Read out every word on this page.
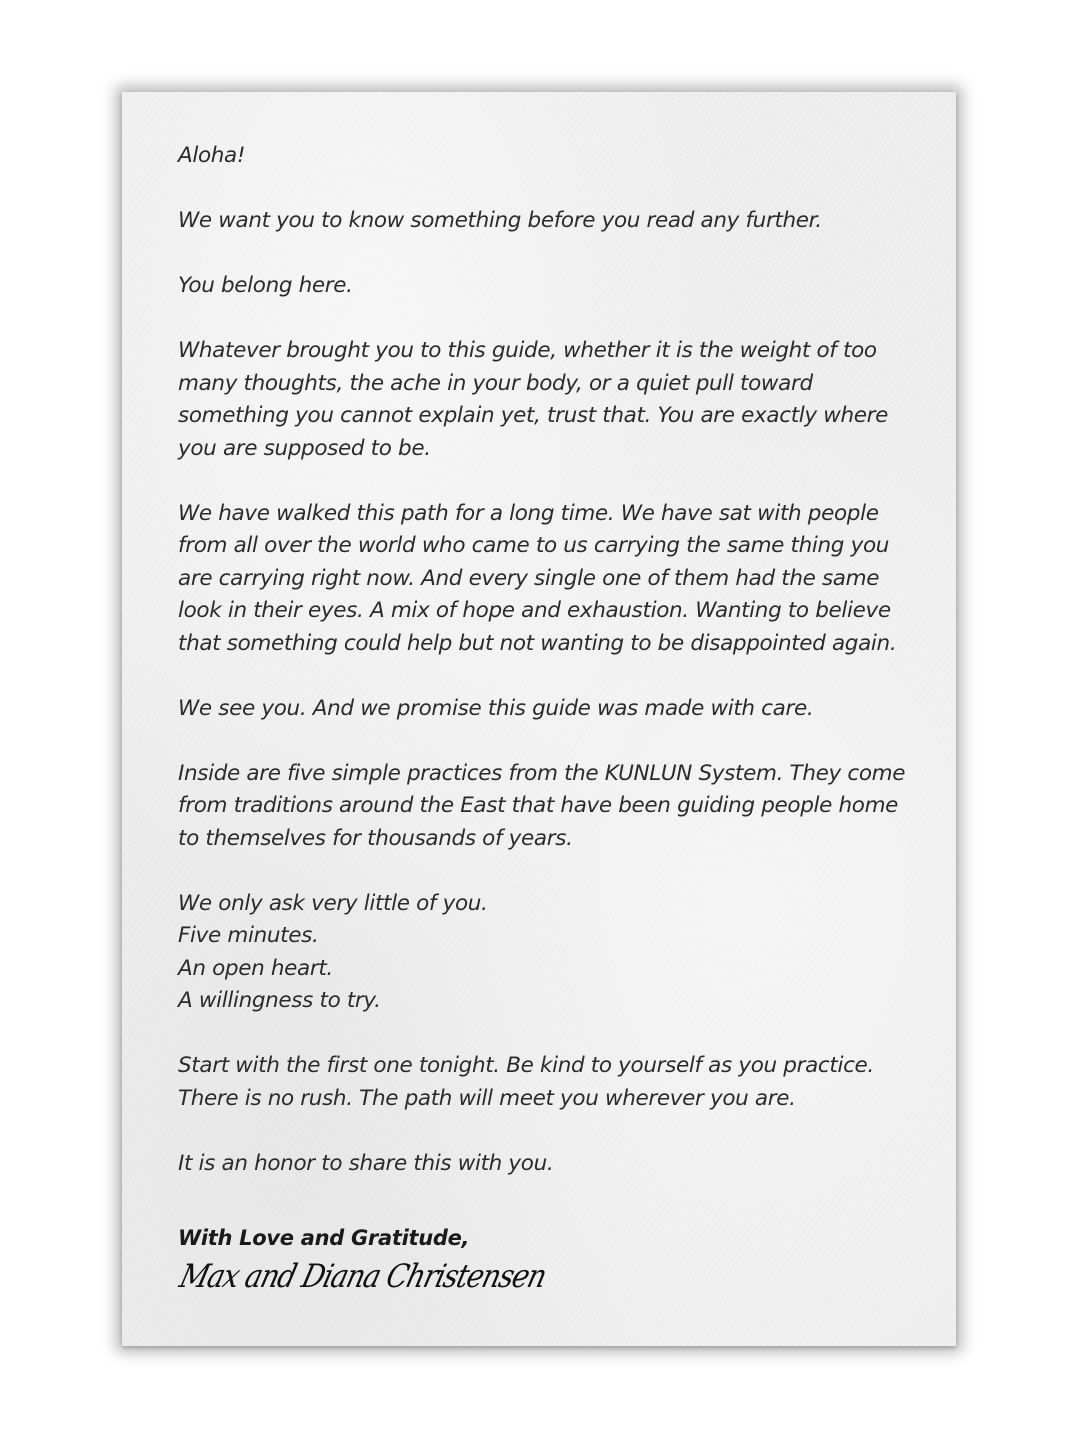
Aloha!

We want you to know something before you read any further.

You belong here.

Whatever brought you to this guide, whether it is the weight of too many thoughts, the ache in your body, or a quiet pull toward something you cannot explain yet, trust that. You are exactly where you are supposed to be.

We have walked this path for a long time. We have sat with people from all over the world who came to us carrying the same thing you are carrying right now. And every single one of them had the same look in their eyes. A mix of hope and exhaustion. Wanting to believe that something could help but not wanting to be disappointed again.

We see you. And we promise this guide was made with care.

Inside are five simple practices from the KUNLUN System. They come from traditions around the East that have been guiding people home to themselves for thousands of years.

We only ask very little of you.
Five minutes.
An open heart.
A willingness to try.

Start with the first one tonight. Be kind to yourself as you practice. There is no rush. The path will meet you wherever you are.

It is an honor to share this with you.

With Love and Gratitude,
Max and Diana Christensen
